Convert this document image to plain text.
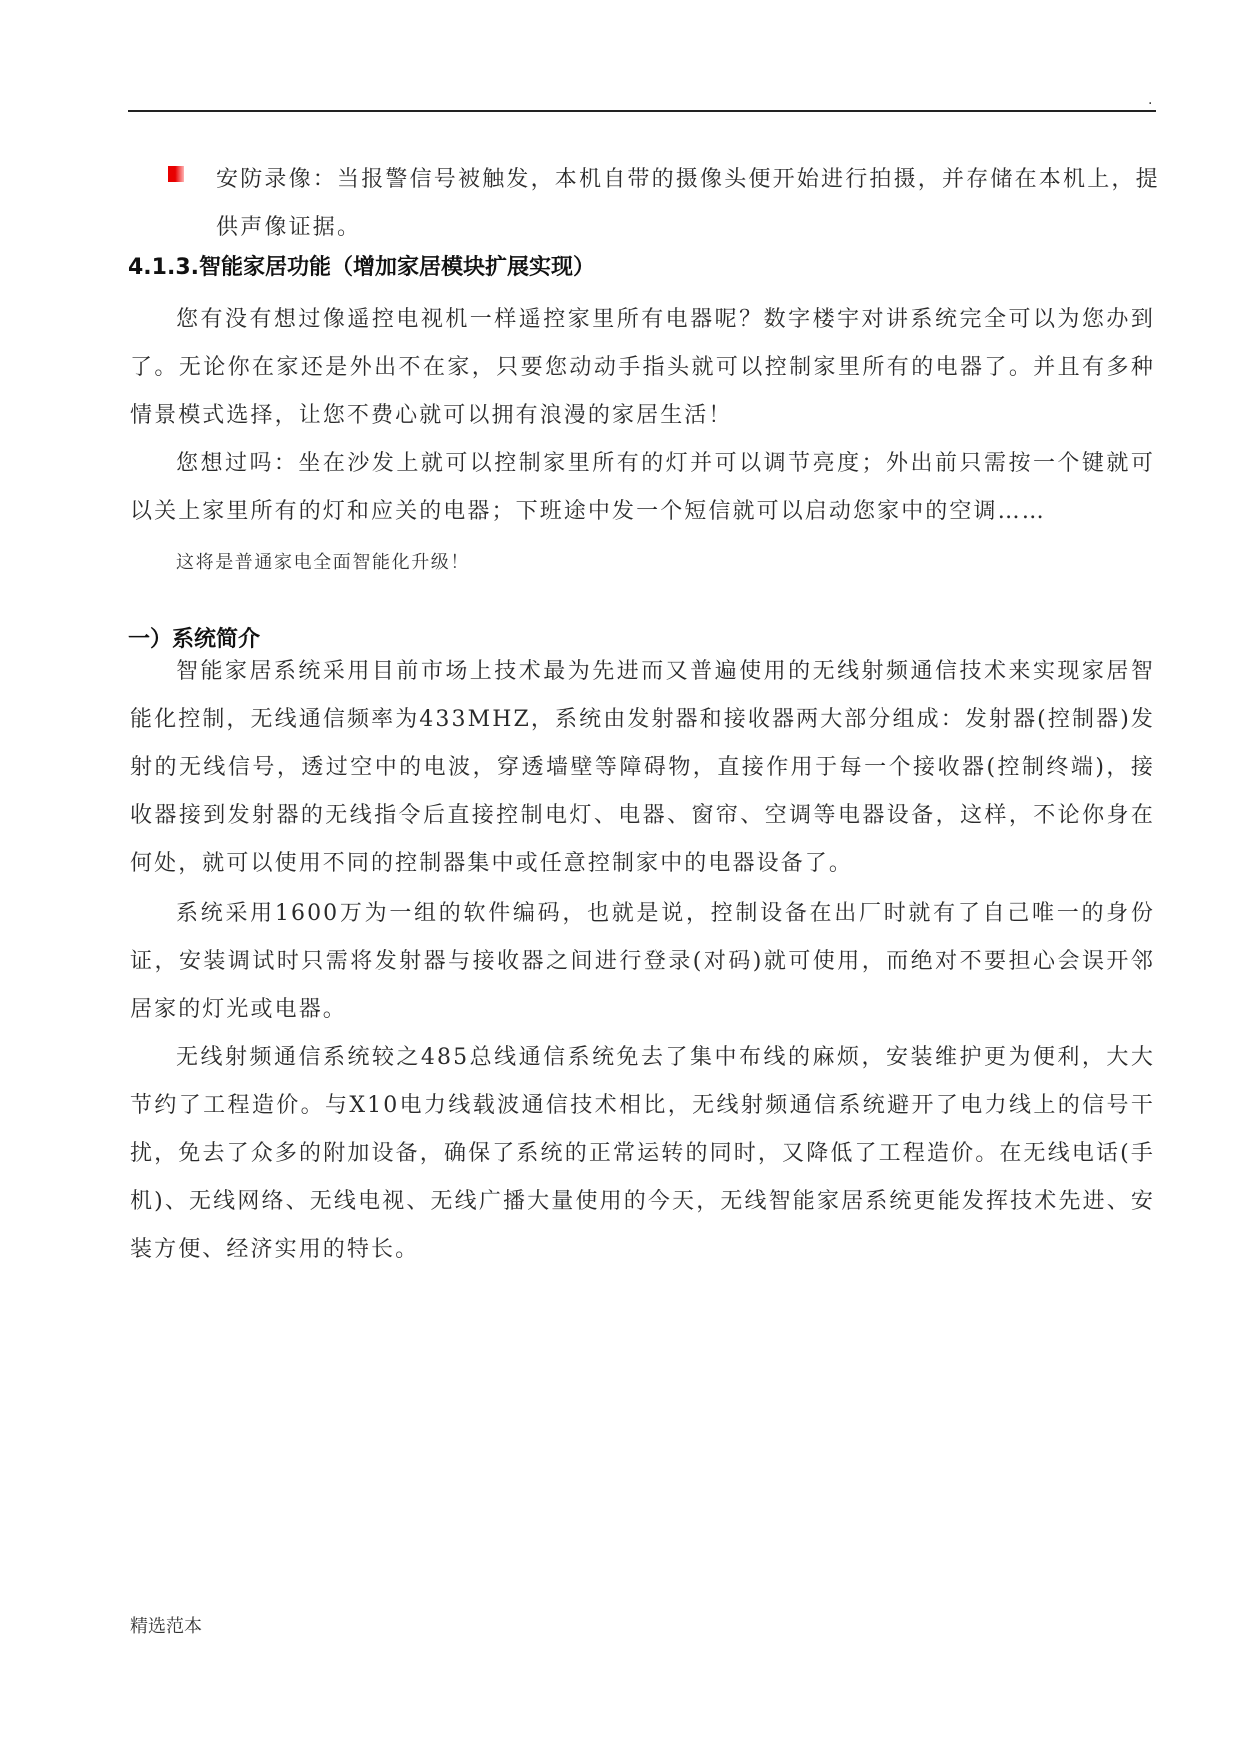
.
安防录像：当报警信号被触发，本机自带的摄像头便开始进行拍摄，并存储在本机上，提供声像证据。
4.1.3.智能家居功能（增加家居模块扩展实现）

您有没有想过像遥控电视机一样遥控家里所有电器呢？数字楼宇对讲系统完全可以为您办到了。无论你在家还是外出不在家，只要您动动手指头就可以控制家里所有的电器了。并且有多种情景模式选择，让您不费心就可以拥有浪漫的家居生活！

您想过吗：坐在沙发上就可以控制家里所有的灯并可以调节亮度；外出前只需按一个键就可以关上家里所有的灯和应关的电器；下班途中发一个短信就可以启动您家中的空调……

这将是普通家电全面智能化升级！
一）系统简介

智能家居系统采用目前市场上技术最为先进而又普遍使用的无线射频通信技术来实现家居智能化控制，无线通信频率为433MHZ，系统由发射器和接收器两大部分组成：发射器(控制器)发射的无线信号，透过空中的电波，穿透墙壁等障碍物，直接作用于每一个接收器(控制终端)，接收器接到发射器的无线指令后直接控制电灯、电器、窗帘、空调等电器设备，这样，不论你身在何处，就可以使用不同的控制器集中或任意控制家中的电器设备了。

系统采用1600万为一组的软件编码，也就是说，控制设备在出厂时就有了自己唯一的身份证，安装调试时只需将发射器与接收器之间进行登录(对码)就可使用，而绝对不要担心会误开邻居家的灯光或电器。

无线射频通信系统较之485总线通信系统免去了集中布线的麻烦，安装维护更为便利，大大节约了工程造价。与X10电力线载波通信技术相比，无线射频通信系统避开了电力线上的信号干扰，免去了众多的附加设备，确保了系统的正常运转的同时，又降低了工程造价。在无线电话(手机)、无线网络、无线电视、无线广播大量使用的今天，无线智能家居系统更能发挥技术先进、安装方便、经济实用的特长。

精选范本
